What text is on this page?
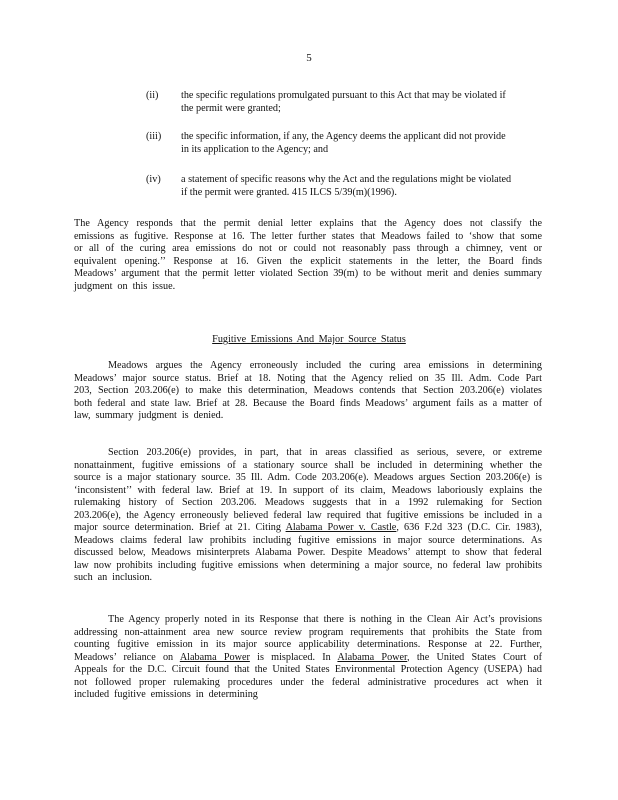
5
(ii)	the specific regulations promulgated pursuant to this Act that may be violated if the permit were granted;
(iii)	the specific information, if any, the Agency deems the applicant did not provide in its application to the Agency; and
(iv)	a statement of specific reasons why the Act and the regulations might be violated if the permit were granted. 415 ILCS 5/39(m)(1996).

The Agency responds that the permit denial letter explains that the Agency does not classify the emissions as fugitive. Response at 16. The letter further states that Meadows failed to ‘show that some or all of the curing area emissions do not or could not reasonably pass through a chimney, vent or equivalent opening.’’ Response at 16. Given the explicit statements in the letter, the Board finds Meadows’ argument that the permit letter violated Section 39(m) to be without merit and denies summary judgment on this issue.

Fugitive Emissions And Major Source Status

Meadows argues the Agency erroneously included the curing area emissions in determining Meadows’ major source status. Brief at 18. Noting that the Agency relied on 35 Ill. Adm. Code Part 203, Section 203.206(e) to make this determination, Meadows contends that Section 203.206(e) violates both federal and state law. Brief at 28. Because the Board finds Meadows’ argument fails as a matter of law, summary judgment is denied.

Section 203.206(e) provides, in part, that in areas classified as serious, severe, or extreme nonattainment, fugitive emissions of a stationary source shall be included in determining whether the source is a major stationary source. 35 Ill. Adm. Code 203.206(e). Meadows argues Section 203.206(e) is ‘inconsistent’’ with federal law. Brief at 19. In support of its claim, Meadows laboriously explains the rulemaking history of Section 203.206. Meadows suggests that in a 1992 rulemaking for Section 203.206(e), the Agency erroneously believed federal law required that fugitive emissions be included in a major source determination. Brief at 21. Citing Alabama Power v. Castle, 636 F.2d 323 (D.C. Cir. 1983), Meadows claims federal law prohibits including fugitive emissions in major source determinations. As discussed below, Meadows misinterprets Alabama Power. Despite Meadows’ attempt to show that federal law now prohibits including fugitive emissions when determining a major source, no federal law prohibits such an inclusion.

The Agency properly noted in its Response that there is nothing in the Clean Air Act’s provisions addressing non-attainment area new source review program requirements that prohibits the State from counting fugitive emission in its major source applicability determinations. Response at 22. Further, Meadows’ reliance on Alabama Power is misplaced. In Alabama Power, the United States Court of Appeals for the D.C. Circuit found that the United States Environmental Protection Agency (USEPA) had not followed proper rulemaking procedures under the federal administrative procedures act when it included fugitive emissions in determining
